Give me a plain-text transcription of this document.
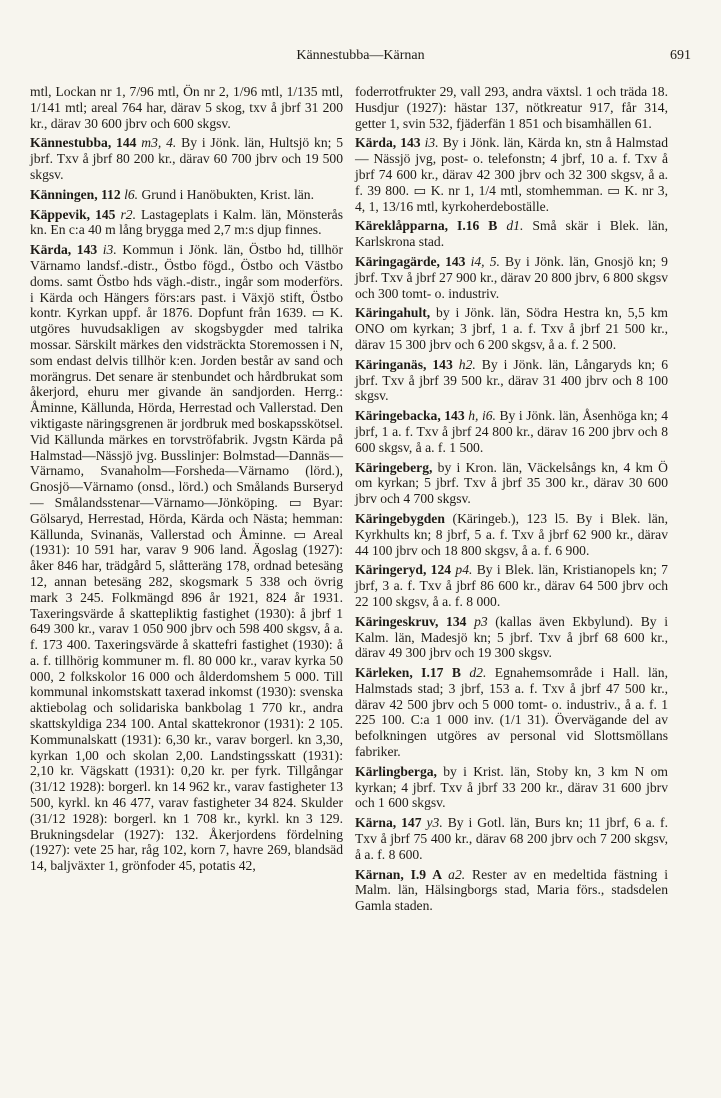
Kännestubba—Kärnan	691

mtl, Lockan nr 1, 7/96 mtl, Ön nr 2, 1/96 mtl, 1/135 mtl, 1/141 mtl; areal 764 har, därav 5 skog, txv å jbrf 31 200 kr., därav 30 600 jbrv och 600 skgsv.

Kännestubba, 144 m3, 4. By i Jönk. län, Hultsjö kn; 5 jbrf. Txv å jbrf 80 200 kr., därav 60 700 jbrv och 19 500 skgsv.

Känningen, 112 l6. Grund i Hanöbukten, Krist. län.

Käppevik, 145 r2. Lastageplats i Kalm. län, Mönsterås kn. En c:a 40 m lång brygga med 2,7 m:s djup finnes.

Kärda, 143 i3. Kommun i Jönk. län, Östbo hd, tillhör Värnamo landsf.-distr., Östbo fögd., Östbo och Västbo doms. samt Östbo hds vägh.-distr., ingår som moderförs. i Kärda och Hängers förs:ars past. i Växjö stift, Östbo kontr. Kyrkan uppf. år 1876. Dopfunt från 1639. ▭ K. utgöres huvudsakligen av skogsbygder med talrika mossar. Särskilt märkes den vidsträckta Storemossen i N, som endast delvis tillhör k:en. Jorden består av sand och morängrus. Det senare är stenbundet och hårdbrukat som åkerjord, ehuru mer givande än sandjorden. Herrg.: Åminne, Källunda, Hörda, Herrestad och Vallerstad. Den viktigaste näringsgrenen är jordbruk med boskapsskötsel. Vid Källunda märkes en torvströfabrik. Jvgstn Kärda på Halmstad—Nässjö jvg. Busslinjer: Bolmstad—Dannäs—Värnamo, Svanaholm—Forsheda—Värnamo (lörd.), Gnosjö—Värnamo (onsd., lörd.) och Smålands Burseryd — Smålandsstenar—Värnamo—Jönköping. ▭ Byar: Gölsaryd, Herrestad, Hörda, Kärda och Nästa; hemman: Källunda, Svinanäs, Vallerstad och Åminne. ▭ Areal (1931): 10 591 har, varav 9 906 land. Ägoslag (1927): åker 846 har, trädgård 5, slåtteräng 178, ordnad betesäng 12, annan betesäng 282, skogsmark 5 338 och övrig mark 3 245. Folkmängd 896 år 1921, 824 år 1931. Taxeringsvärde å skattepliktig fastighet (1930): å jbrf 1 649 300 kr., varav 1 050 900 jbrv och 598 400 skgsv, å a. f. 173 400. Taxeringsvärde å skattefri fastighet (1930): å a. f. tillhörig kommuner m. fl. 80 000 kr., varav kyrka 50 000, 2 folkskolor 16 000 och ålderdomshem 5 000. Till kommunal inkomstskatt taxerad inkomst (1930): svenska aktiebolag och solidariska bankbolag 1 770 kr., andra skattskyldiga 234 100. Antal skattekronor (1931): 2 105. Kommunalskatt (1931): 6,30 kr., varav borgerl. kn 3,30, kyrkan 1,00 och skolan 2,00. Landstingsskatt (1931): 2,10 kr. Vägskatt (1931): 0,20 kr. per fyrk. Tillgångar (31/12 1928): borgerl. kn 14 962 kr., varav fastigheter 13 500, kyrkl. kn 46 477, varav fastigheter 34 824. Skulder (31/12 1928): borgerl. kn 1 708 kr., kyrkl. kn 3 129. Brukningsdelar (1927): 132. Åkerjordens fördelning (1927): vete 25 har, råg 102, korn 7, havre 269, blandsäd 14, baljväxter 1, grönfoder 45, potatis 42,

foderrotfrukter 29, vall 293, andra växtsl. 1 och träda 18. Husdjur (1927): hästar 137, nötkreatur 917, får 314, getter 1, svin 532, fjäderfän 1 851 och bisamhällen 61.

Kärda, 143 i3. By i Jönk. län, Kärda kn, stn å Halmstad — Nässjö jvg, post- o. telefonstn; 4 jbrf, 10 a. f. Txv å jbrf 74 600 kr., därav 42 300 jbrv och 32 300 skgsv, å a. f. 39 800. ▭ K. nr 1, 1/4 mtl, stomhemman. ▭ K. nr 3, 4, 1, 13/16 mtl, kyrkoherdeboställe.

Käreklåpparna, I.16 B d1. Små skär i Blek. län, Karlskrona stad.

Käringagärde, 143 i4, 5. By i Jönk. län, Gnosjö kn; 9 jbrf. Txv å jbrf 27 900 kr., därav 20 800 jbrv, 6 800 skgsv och 300 tomt- o. industriv.

Käringahult, by i Jönk. län, Södra Hestra kn, 5,5 km ONO om kyrkan; 3 jbrf, 1 a. f. Txv å jbrf 21 500 kr., därav 15 300 jbrv och 6 200 skgsv, å a. f. 2 500.

Käringanäs, 143 h2. By i Jönk. län, Långaryds kn; 6 jbrf. Txv å jbrf 39 500 kr., därav 31 400 jbrv och 8 100 skgsv.

Käringebacka, 143 h, i6. By i Jönk. län, Åsenhöga kn; 4 jbrf, 1 a. f. Txv å jbrf 24 800 kr., därav 16 200 jbrv och 8 600 skgsv, å a. f. 1 500.

Käringeberg, by i Kron. län, Väckelsångs kn, 4 km Ö om kyrkan; 5 jbrf. Txv å jbrf 35 300 kr., därav 30 600 jbrv och 4 700 skgsv.

Käringebygden (Käringeb.), 123 l5. By i Blek. län, Kyrkhults kn; 8 jbrf, 5 a. f. Txv å jbrf 62 900 kr., därav 44 100 jbrv och 18 800 skgsv, å a. f. 6 900.

Käringeryd, 124 p4. By i Blek. län, Kristianopels kn; 7 jbrf, 3 a. f. Txv å jbrf 86 600 kr., därav 64 500 jbrv och 22 100 skgsv, å a. f. 8 000.

Käringeskruv, 134 p3 (kallas även Ekbylund). By i Kalm. län, Madesjö kn; 5 jbrf. Txv å jbrf 68 600 kr., därav 49 300 jbrv och 19 300 skgsv.

Kärleken, I.17 B d2. Egnahemsområde i Hall. län, Halmstads stad; 3 jbrf, 153 a. f. Txv å jbrf 47 500 kr., därav 42 500 jbrv och 5 000 tomt- o. industriv., å a. f. 1 225 100. C:a 1 000 inv. (1/1 31). Övervägande del av befolkningen utgöres av personal vid Slottsmöllans fabriker.

Kärlingberga, by i Krist. län, Stoby kn, 3 km N om kyrkan; 4 jbrf. Txv å jbrf 33 200 kr., därav 31 600 jbrv och 1 600 skgsv.

Kärna, 147 y3. By i Gotl. län, Burs kn; 11 jbrf, 6 a. f. Txv å jbrf 75 400 kr., därav 68 200 jbrv och 7 200 skgsv, å a. f. 8 600.

Kärnan, I.9 A a2. Rester av en medeltida fästning i Malm. län, Hälsingborgs stad, Maria förs., stadsdelen Gamla staden.
